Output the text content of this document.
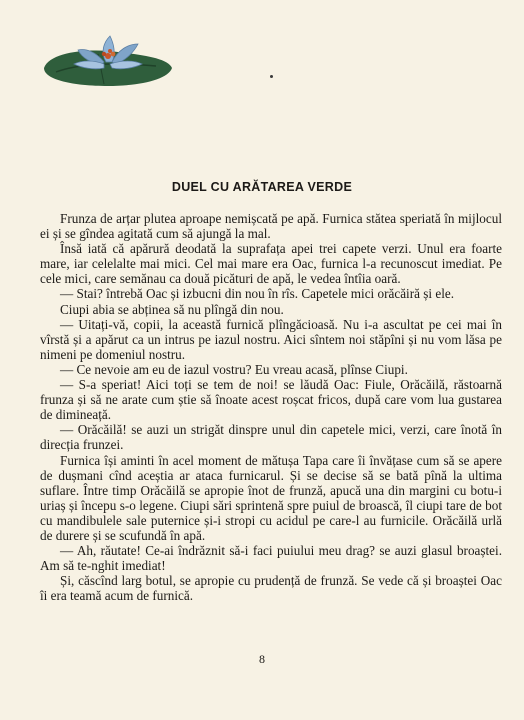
DUEL CU ARĂTAREA VERDE

Frunza de arțar plutea aproape nemișcată pe apă. Furnica stătea speriată în mijlocul ei și se gîndea agitată cum să ajungă la mal.

Însă iată că apărură deodată la suprafața apei trei capete verzi. Unul era foarte mare, iar celelalte mai mici. Cel mai mare era Oac, furnica l-a recunoscut imediat. Pe cele mici, care semănau ca două picături de apă, le vedea întîia oară.

— Stai? întrebă Oac și izbucni din nou în rîs. Capetele mici orăcăiră și ele.

Ciupi abia se abținea să nu plîngă din nou.

— Uitați-vă, copii, la această furnică plîngăcioasă. Nu i-a ascultat pe cei mai în vîrstă și a apărut ca un intrus pe iazul nostru. Aici sîntem noi stăpîni și nu vom lăsa pe nimeni pe domeniul nostru.

— Ce nevoie am eu de iazul vostru? Eu vreau acasă, plînse Ciupi.

— S-a speriat! Aici toți se tem de noi! se lăudă Oac: Fiule, Orăcăilă, răstoarnă frunza și să ne arate cum știe să înoate acest roșcat fricos, după care vom lua gustarea de dimineață.

— Orăcăilă! se auzi un strigăt dinspre unul din capetele mici, verzi, care înotă în direcția frunzei.

Furnica își aminti în acel moment de mătușa Tapa care îi învățase cum să se apere de dușmani cînd aceștia ar ataca furnicarul. Și se decise să se bată pînă la ultima suflare. Între timp Orăcăilă se apropie înot de frunză, apucă una din margini cu botu-i uriaș și începu s-o legene. Ciupi sări sprintenă spre puiul de broască, îl ciupi tare de bot cu mandibulele sale puternice și-i stropi cu acidul pe care-l au furnicile. Orăcăilă urlă de durere și se scufundă în apă.

— Ah, răutate! Ce-ai îndrăznit să-i faci puiului meu drag? se auzi glasul broaștei. Am să te-nghit imediat!

Și, căscînd larg botul, se apropie cu prudență de frunză. Se vede că și broaștei Oac îi era teamă acum de furnică.

8
